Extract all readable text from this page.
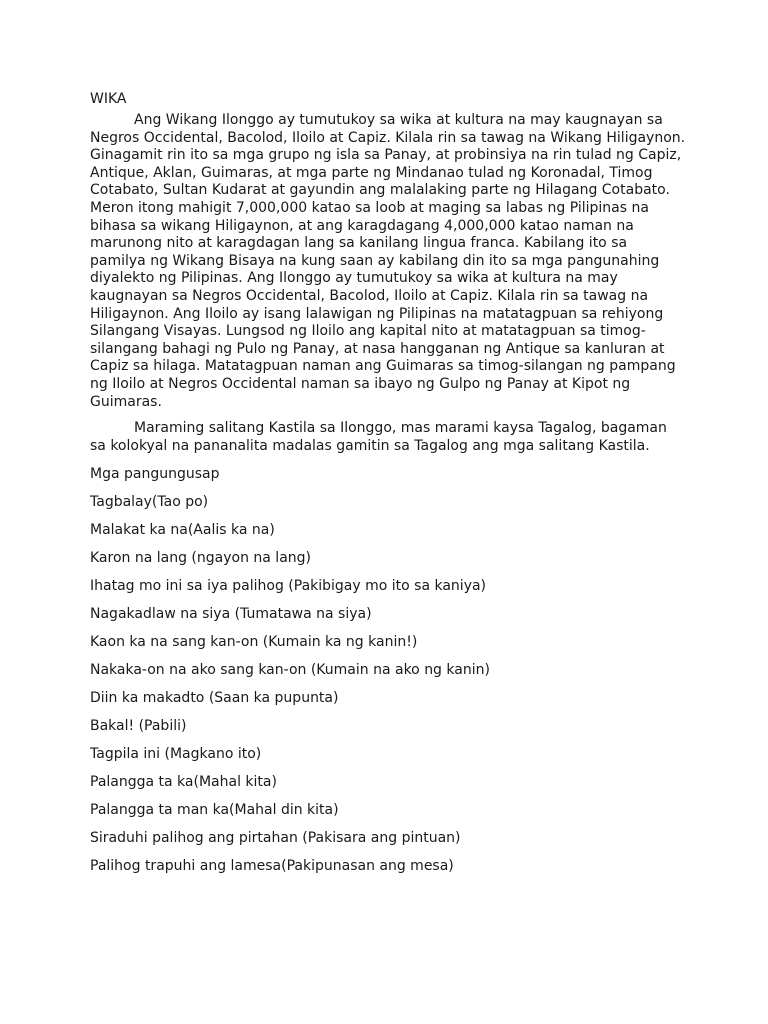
WIKA

Ang Wikang Ilonggo ay tumutukoy sa wika at kultura na may kaugnayan sa
Negros Occidental, Bacolod, Iloilo at Capiz. Kilala rin sa tawag na Wikang Hiligaynon.
Ginagamit rin ito sa mga grupo ng isla sa Panay, at probinsiya na rin tulad ng Capiz,
Antique, Aklan, Guimaras, at mga parte ng Mindanao tulad ng Koronadal, Timog
Cotabato, Sultan Kudarat at gayundin ang malalaking parte ng Hilagang Cotabato.
Meron itong mahigit 7,000,000 katao sa loob at maging sa labas ng Pilipinas na
bihasa sa wikang Hiligaynon, at ang karagdagang 4,000,000 katao naman na
marunong nito at karagdagan lang sa kanilang lingua franca. Kabilang ito sa
pamilya ng Wikang Bisaya na kung saan ay kabilang din ito sa mga pangunahing
diyalekto ng Pilipinas. Ang Ilonggo ay tumutukoy sa wika at kultura na may
kaugnayan sa Negros Occidental, Bacolod, Iloilo at Capiz. Kilala rin sa tawag na
Hiligaynon. Ang Iloilo ay isang lalawigan ng Pilipinas na matatagpuan sa rehiyong
Silangang Visayas. Lungsod ng Iloilo ang kapital nito at matatagpuan sa timog-
silangang bahagi ng Pulo ng Panay, at nasa hangganan ng Antique sa kanluran at
Capiz sa hilaga. Matatagpuan naman ang Guimaras sa timog-silangan ng pampang
ng Iloilo at Negros Occidental naman sa ibayo ng Gulpo ng Panay at Kipot ng
Guimaras.

Maraming salitang Kastila sa Ilonggo, mas marami kaysa Tagalog, bagaman
sa kolokyal na pananalita madalas gamitin sa Tagalog ang mga salitang Kastila.

Mga pangungusap
Tagbalay(Tao po)
Malakat ka na(Aalis ka na)
Karon na lang (ngayon na lang)
Ihatag mo ini sa iya palihog (Pakibigay mo ito sa kaniya)
Nagakadlaw na siya (Tumatawa na siya)
Kaon ka na sang kan-on (Kumain ka ng kanin!)
Nakaka-on na ako sang kan-on (Kumain na ako ng kanin)
Diin ka makadto (Saan ka pupunta)
Bakal! (Pabili)
Tagpila ini (Magkano ito)
Palangga ta ka(Mahal kita)
Palangga ta man ka(Mahal din kita)
Siraduhi palihog ang pirtahan (Pakisara ang pintuan)
Palihog trapuhi ang lamesa(Pakipunasan ang mesa)
